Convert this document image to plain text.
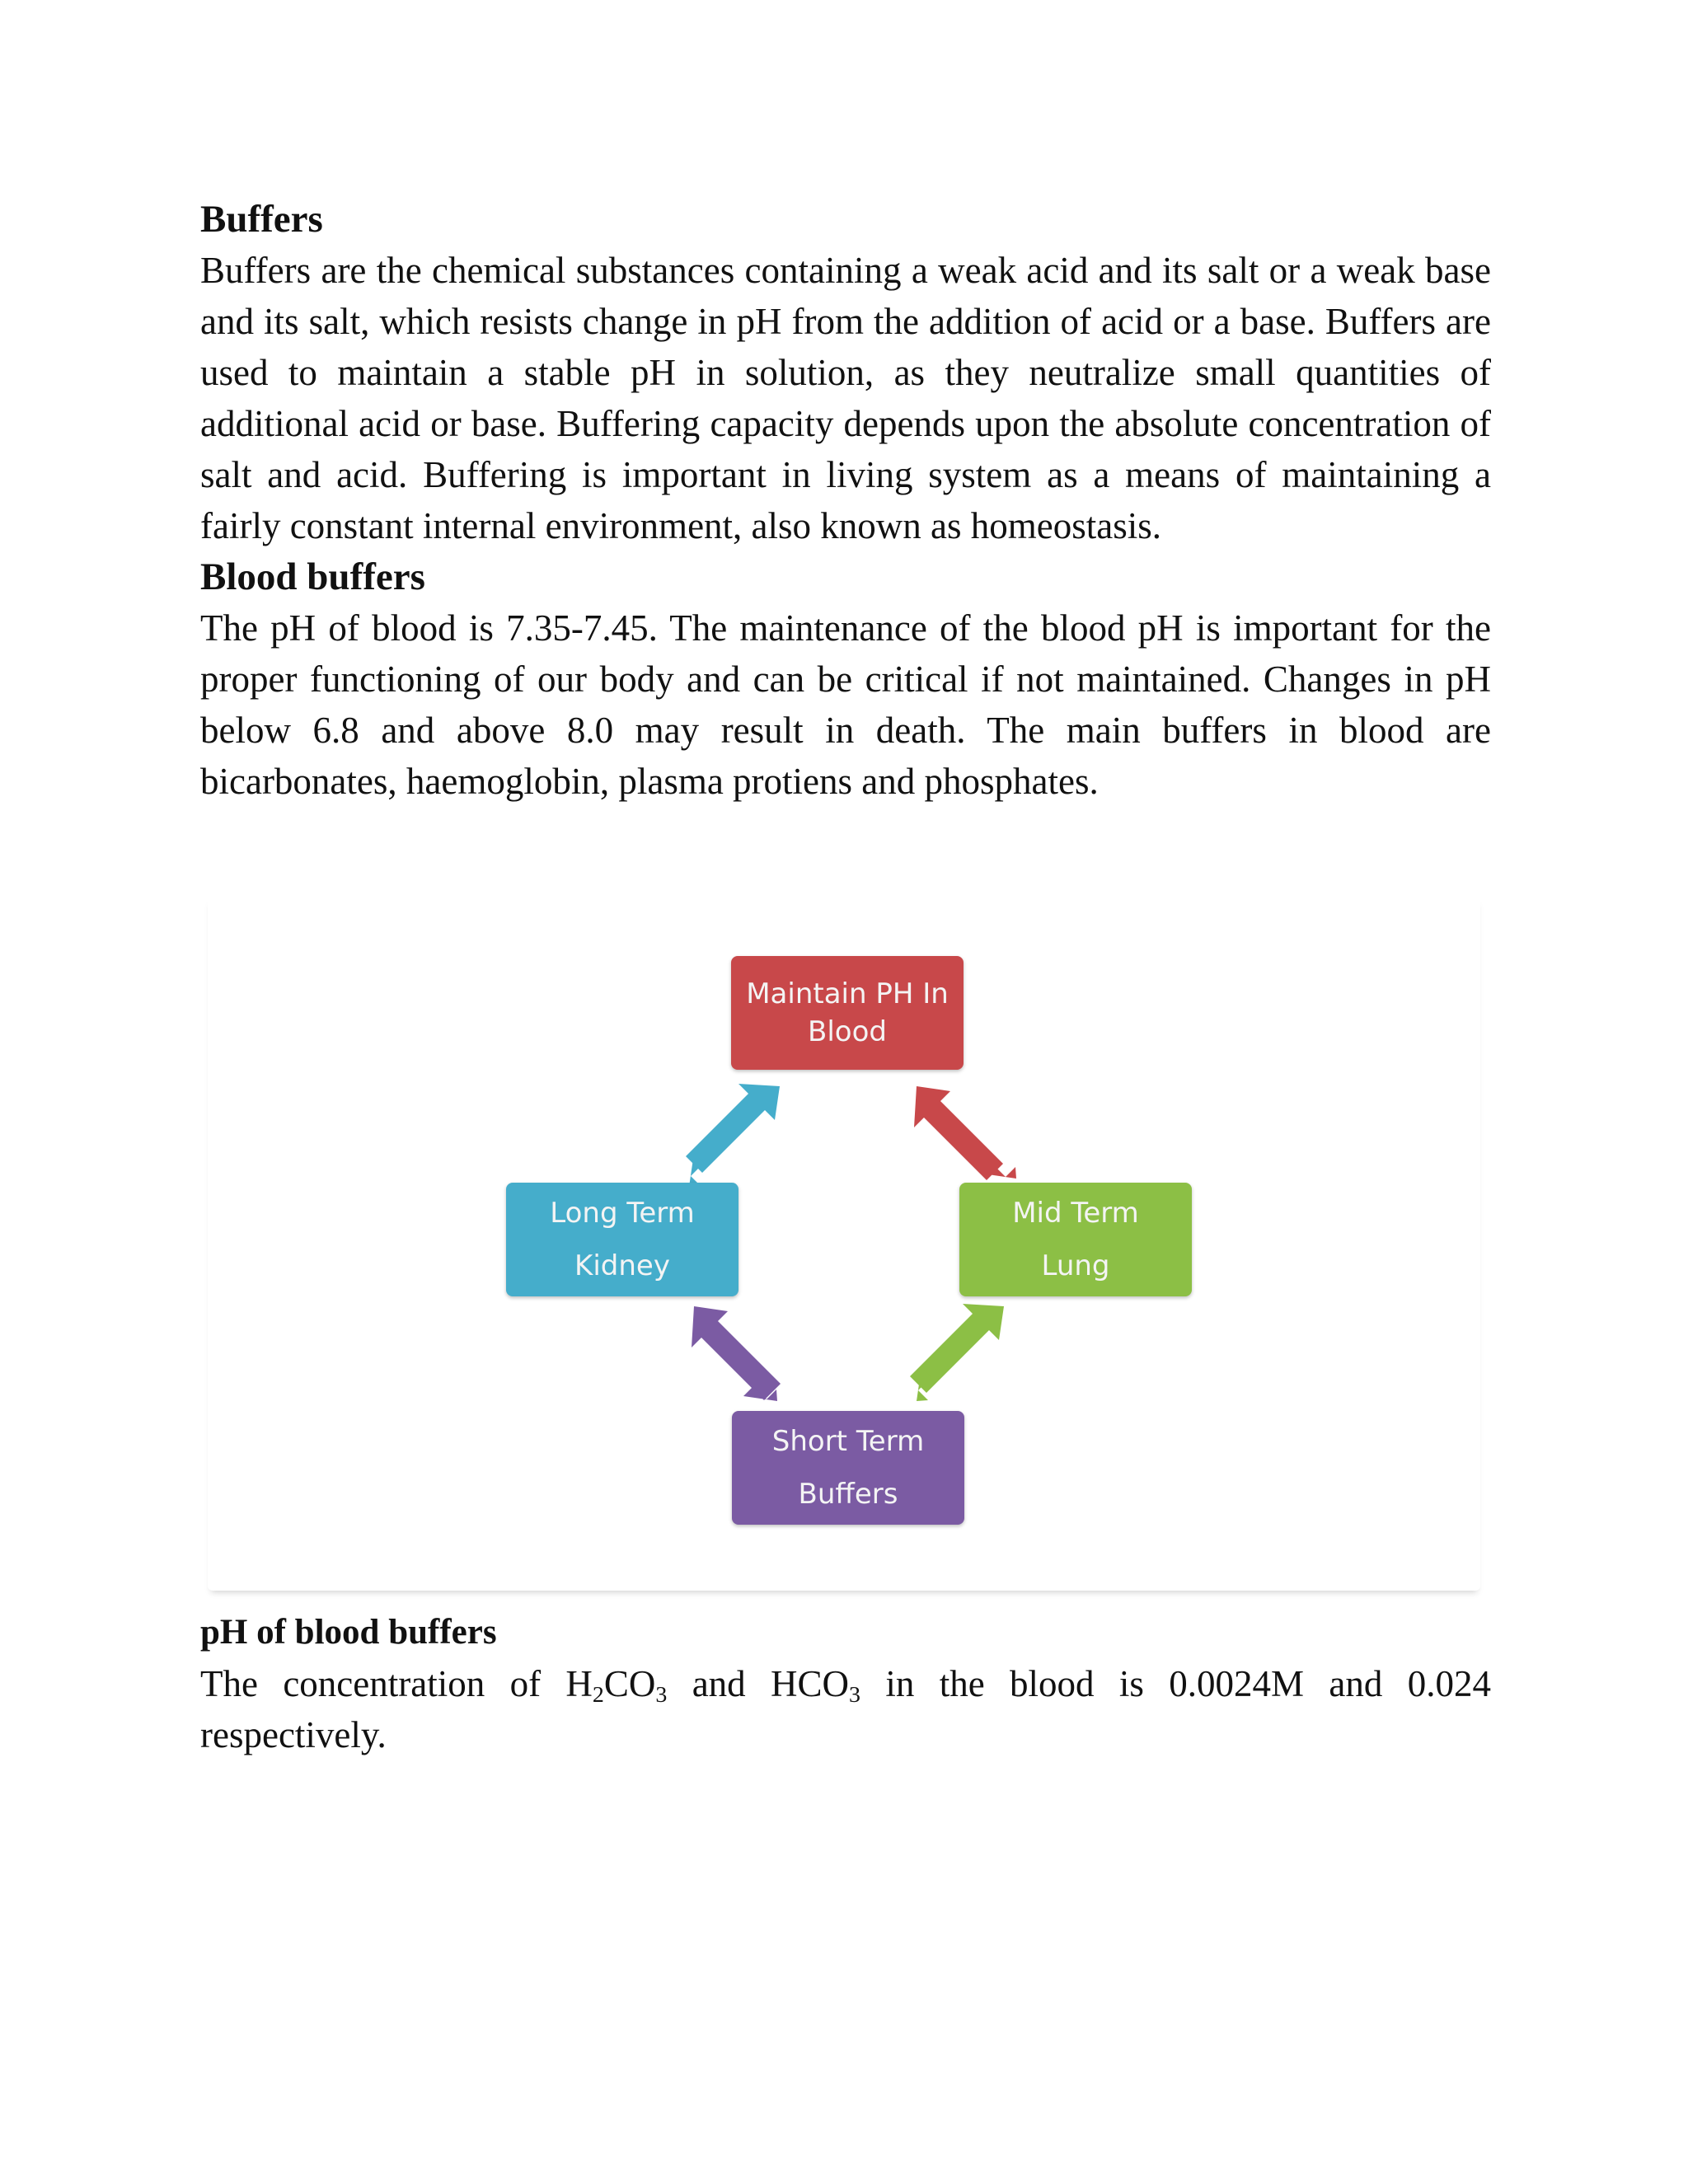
Buffers

Buffers are the chemical substances containing a weak acid and its salt or a weak base and its salt, which resists change in pH from the addition of acid or a base. Buffers are used to maintain a stable pH in solution, as they neutralize small quantities of additional acid or base. Buffering capacity depends upon the absolute concentration of salt and acid. Buffering is important in living system as a means of maintaining a fairly constant internal environment, also known as homeostasis.

Blood buffers

The pH of blood is 7.35-7.45. The maintenance of the blood pH is important for the proper functioning of our body and can be critical if not maintained. Changes in pH below 6.8 and above 8.0 may result in death. The main buffers in blood are bicarbonates, haemoglobin, plasma protiens and phosphates.

Maintain PH In
Blood
Long Term
Kidney
Mid Term
Lung
Short Term
Buffers
pH of blood buffers

The concentration of $H_2CO_3$ and $HCO_3$ in the blood is 0.0024M and 0.024 respectively.
